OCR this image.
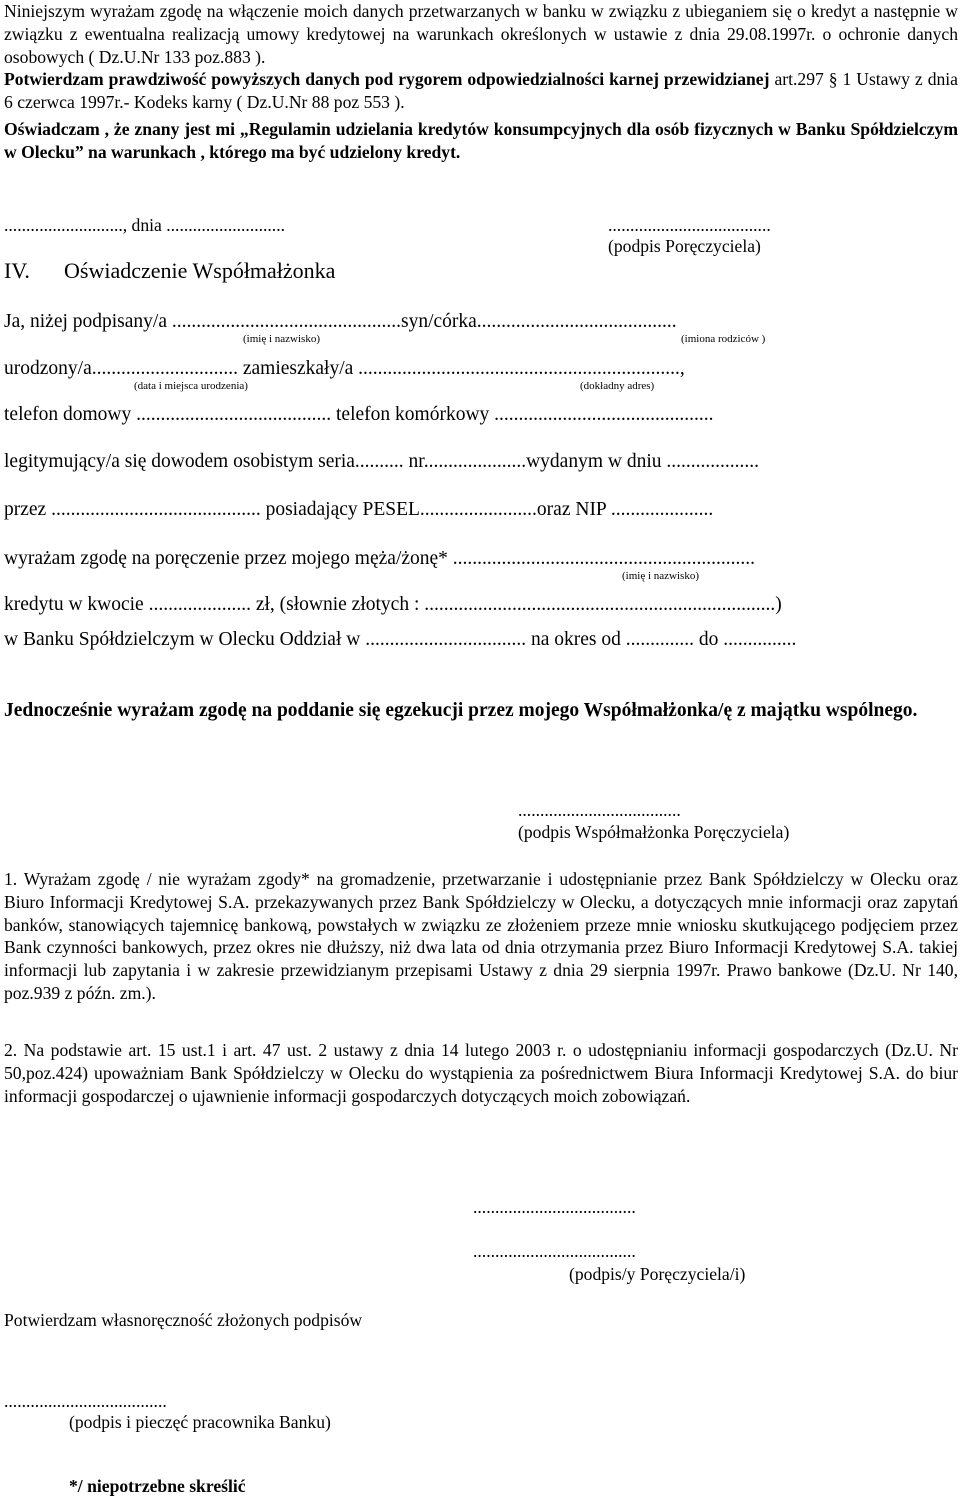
Niniejszym wyrażam zgodę na włączenie moich danych przetwarzanych w banku w związku z ubieganiem się o kredyt a następnie w związku z ewentualna realizacją umowy kredytowej na warunkach określonych w ustawie z dnia 29.08.1997r. o ochronie danych osobowych ( Dz.U.Nr 133 poz.883 ).
Potwierdzam prawdziwość powyższych danych pod rygorem odpowiedzialności karnej przewidzianej art.297 § 1 Ustawy z dnia 6 czerwca 1997r.- Kodeks karny ( Dz.U.Nr 88 poz 553 ).
Oświadczam , że znany jest mi „Regulamin udzielania kredytów konsumpcyjnych dla osób fizycznych w Banku Spółdzielczym w Olecku” na warunkach , którego ma być udzielony kredyt.
..........................., dnia ...........................	.....................................
(podpis Poręczyciela)
IV. Oświadczenie Współmałżonka
Ja, niżej podpisany/a ...............................................syn/córka.........................................
(imię i nazwisko)	(imiona rodziców )
urodzony/a.............................. zamieszkały/a ..................................................................,
(data i miejsca urodzenia)	(dokładny adres)
telefon domowy ........................................ telefon komórkowy .............................................
legitymujący/a się dowodem osobistym seria.......... nr.....................wydanym w dniu ...................
przez ........................................... posiadający PESEL........................oraz NIP .....................
wyrażam zgodę na poręczenie przez mojego męża/żonę* ..............................................................
(imię i nazwisko)
kredytu w kwocie ..................... zł, (słownie złotych : ........................................................................)
w Banku Spółdzielczym w Olecku Oddział w ................................. na okres od .............. do ...............
Jednocześnie wyrażam zgodę na poddanie się egzekucji przez mojego Współmałżonka/ę z majątku wspólnego.
.....................................
(podpis Współmałżonka Poręczyciela)
1. Wyrażam zgodę / nie wyrażam zgody* na gromadzenie, przetwarzanie i udostępnianie przez Bank Spółdzielczy w Olecku oraz Biuro Informacji Kredytowej S.A. przekazywanych przez Bank Spółdzielczy w Olecku, a dotyczących mnie informacji oraz zapytań banków, stanowiących tajemnicę bankową, powstałych w związku ze złożeniem przeze mnie wniosku skutkującego podjęciem przez Bank czynności bankowych, przez okres nie dłuższy, niż dwa lata od dnia otrzymania przez Biuro Informacji Kredytowej S.A. takiej informacji lub zapytania i w zakresie przewidzianym przepisami Ustawy z dnia 29 sierpnia 1997r. Prawo bankowe (Dz.U. Nr 140, poz.939 z późn. zm.).
2. Na podstawie art. 15 ust.1 i art. 47 ust. 2 ustawy z dnia 14 lutego 2003 r. o udostępnianiu informacji gospodarczych (Dz.U. Nr 50,poz.424) upoważniam Bank Spółdzielczy w Olecku do wystąpienia za pośrednictwem Biura Informacji Kredytowej S.A. do biur informacji gospodarczej o ujawnienie informacji gospodarczych dotyczących moich zobowiązań.
.....................................
.....................................
(podpis/y Poręczyciela/i)
Potwierdzam własnoręczność złożonych podpisów
.....................................
(podpis i pieczęć pracownika Banku)
*/ niepotrzebne skreślić
